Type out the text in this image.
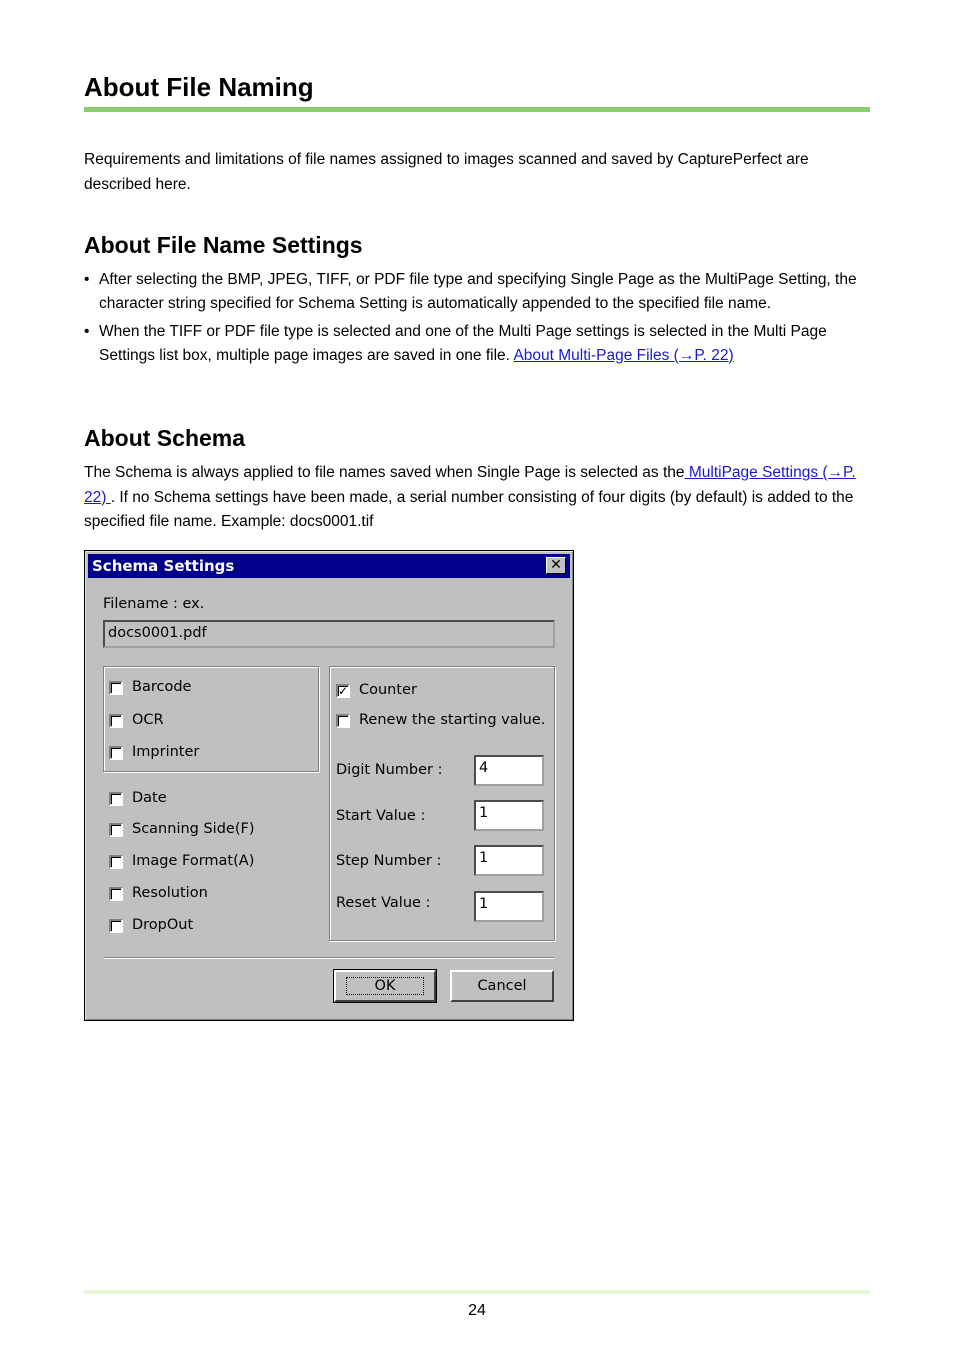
About File Naming
Requirements and limitations of file names assigned to images scanned and saved by CapturePerfect are described here.
About File Name Settings
• After selecting the BMP, JPEG, TIFF, or PDF file type and specifying Single Page as the MultiPage Setting, the character string specified for Schema Setting is automatically appended to the specified file name.
• When the TIFF or PDF file type is selected and one of the Multi Page settings is selected in the Multi Page Settings list box, multiple page images are saved in one file. About Multi-Page Files (→P. 22)
About Schema
The Schema is always applied to file names saved when Single Page is selected as the MultiPage Settings (→P. 22) . If no Schema settings have been made, a serial number consisting of four digits (by default) is added to the specified file name. Example: docs0001.tif
Schema Settings	✕
Filename : ex.
docs0001.pdf
Barcode
OCR
Imprinter
Date
Scanning Side(F)
Image Format(A)
Resolution
DropOut
✓ Counter
Renew the starting value.
Digit Number :	4
Start Value :	1
Step Number :	1
Reset Value :	1
OK	Cancel
24
